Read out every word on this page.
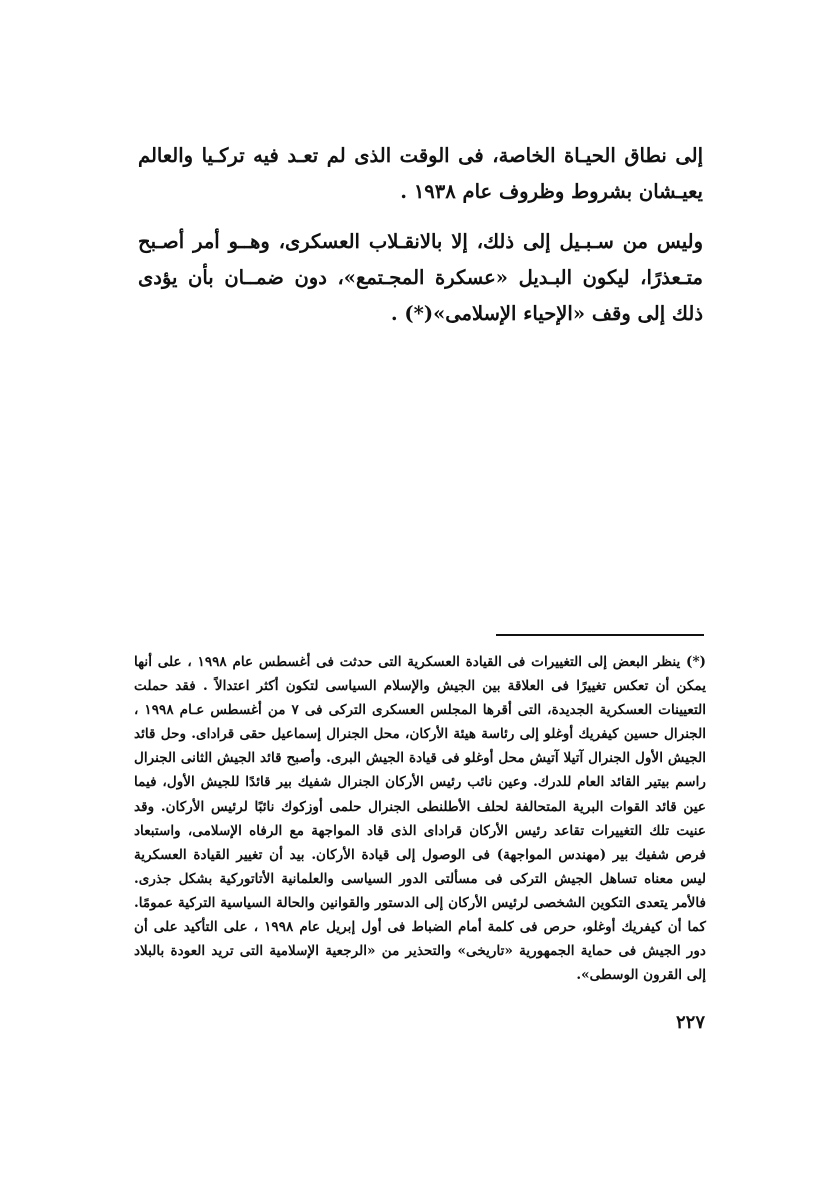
إلى نطاق الحيـاة الخاصة، فى الوقت الذى لم تعـد فيه تركـيا والعالم يعيـشان بشروط وظروف عام ١٩٣٨ .

وليس من سـبـيل إلى ذلك، إلا بالانقـلاب العسكرى، وهــو أمر أصـبح متـعذرًا، ليكون البـديل «عسكرة المجـتمع»، دون ضمــان بأن يؤدى ذلك إلى وقف «الإحياء الإسلامى»(*) .

(*) ينظر البعض إلى التغييرات فى القيادة العسكرية التى حدثت فى أغسطس عام ١٩٩٨ ، على أنها يمكن أن تعكس تغييرًا فى العلاقة بين الجيش والإسلام السياسى لتكون أكثر اعتدالاً . فقد حملت التعيينات العسكرية الجديدة، التى أقرها المجلس العسكرى التركى فى ٧ من أغسطس عـام ١٩٩٨ ، الجنرال حسين كيفريك أوغلو إلى رئاسة هيئة الأركان، محل الجنرال إسماعيل حقى قرادای. وحل قائد الجيش الأول الجنرال آتيلا آتيش محل أوغلو فى قيادة الجيش البرى. وأصبح قائد الجيش الثانى الجنرال راسم بيتير القائد العام للدرك. وعين نائب رئيس الأركان الجنرال شفيك بير قائدًا للجيش الأول، فيما عين قائد القوات البرية المتحالفة لحلف الأطلنطى الجنرال حلمى أوزكوك نائبًا لرئيس الأركان. وقد عنيت تلك التغييرات تقاعد رئيس الأركان قرادای الذى قاد المواجهة مع الرفاه الإسلامى، واستبعاد فرص شفيك بير (مهندس المواجهة) فى الوصول إلى قيادة الأركان. بيد أن تغيير القيادة العسكرية ليس معناه تساهل الجيش التركى فى مسألتى الدور السياسى والعلمانية الأتاتوركية بشكل جذرى. فالأمر يتعدى التكوين الشخصى لرئيس الأركان إلى الدستور والقوانين والحالة السياسية التركية عمومًا. كما أن كيفريك أوغلو، حرص فى كلمة أمام الضباط فى أول إبريل عام ١٩٩٨ ، على التأكيد على أن دور الجيش فى حماية الجمهورية «تاريخى» والتحذير من «الرجعية الإسلامية التى تريد العودة بالبلاد إلى القرون الوسطى».

٢٢٧
